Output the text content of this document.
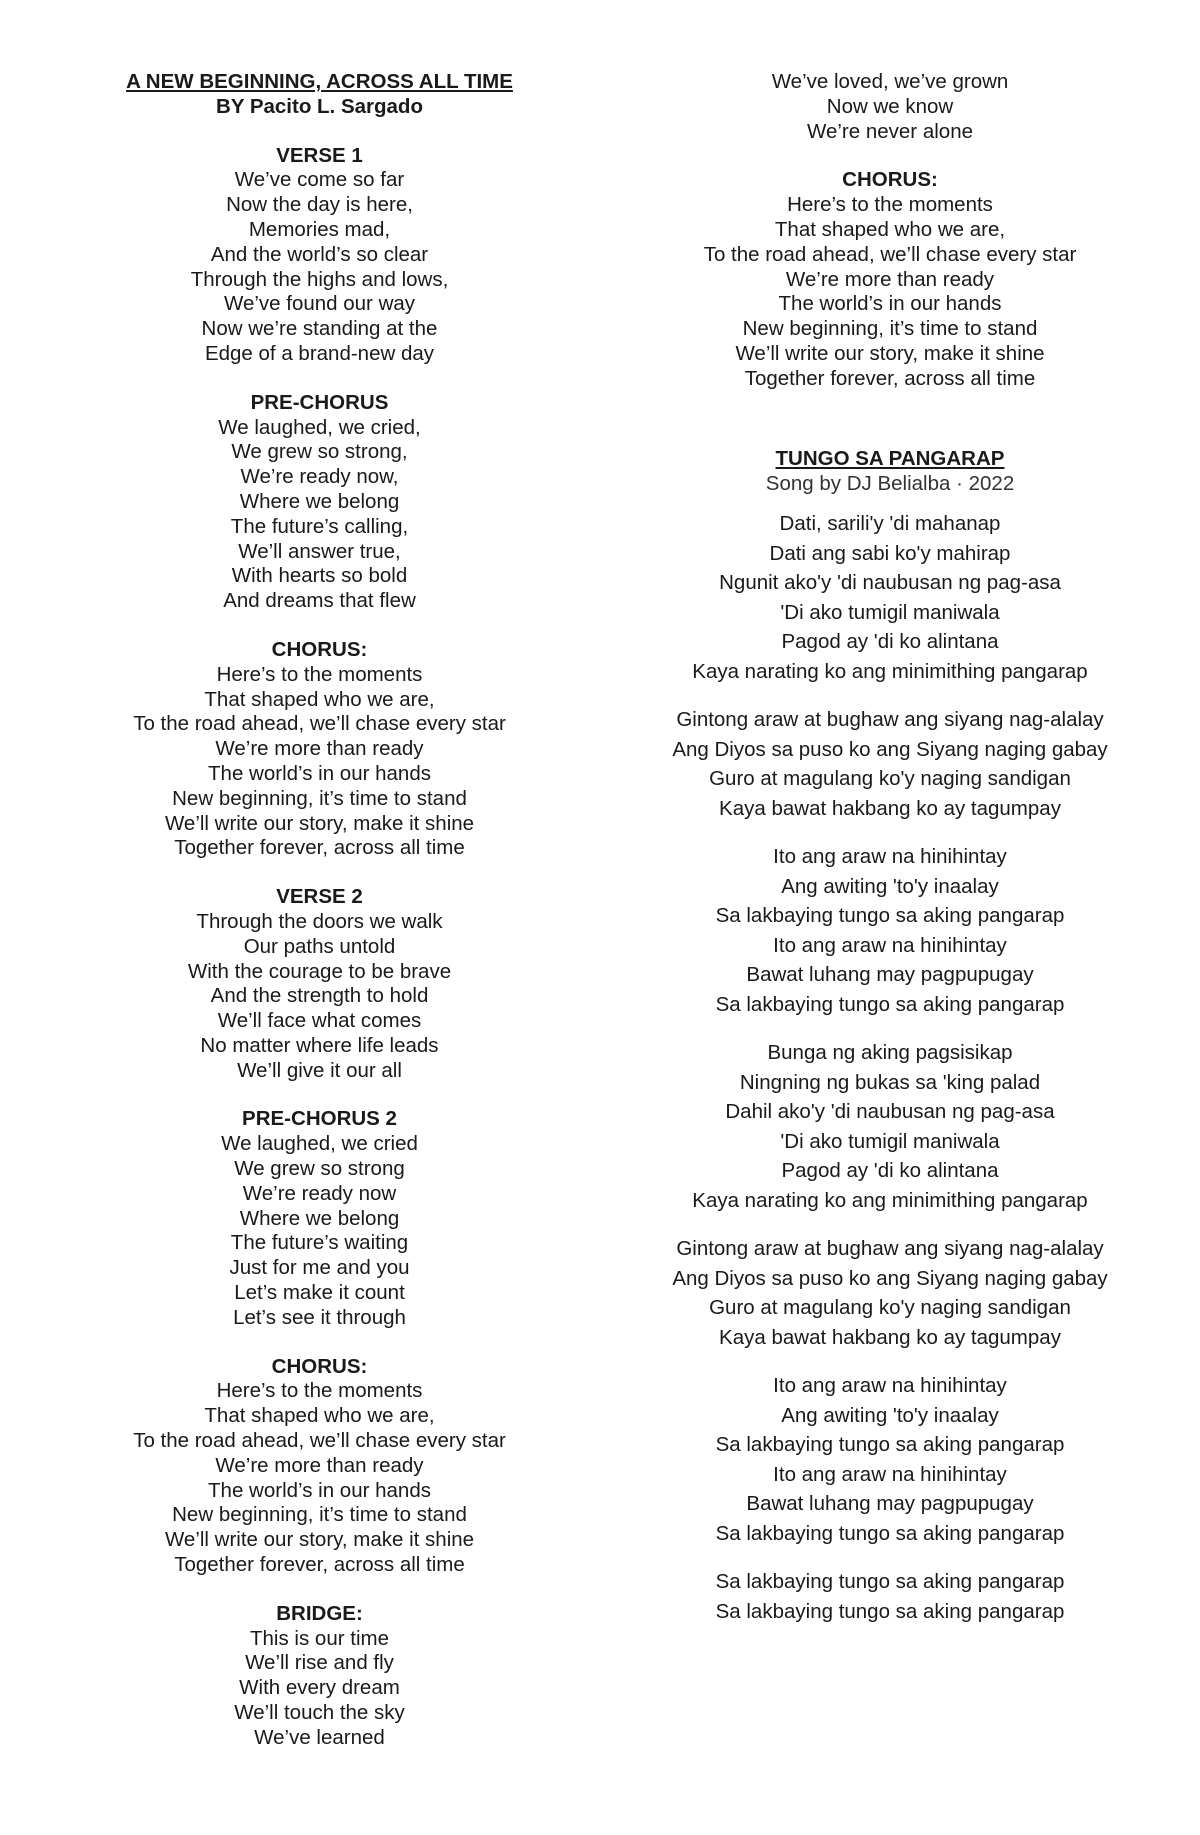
A NEW BEGINNING, ACROSS ALL TIME
BY Pacito L. Sargado
VERSE 1
We’ve come so far
Now the day is here,
Memories mad,
And the world’s so clear
Through the highs and lows,
We’ve found our way
Now we’re standing at the
Edge of a brand-new day
PRE-CHORUS
We laughed, we cried,
We grew so strong,
We’re ready now,
Where we belong
The future’s calling,
We’ll answer true,
With hearts so bold
And dreams that flew
CHORUS:
Here’s to the moments
That shaped who we are,
To the road ahead, we’ll chase every star
We’re more than ready
The world’s in our hands
New beginning, it’s time to stand
We’ll write our story, make it shine
Together forever, across all time
VERSE 2
Through the doors we walk
Our paths untold
With the courage to be brave
And the strength to hold
We’ll face what comes
No matter where life leads
We’ll give it our all
PRE-CHORUS 2
We laughed, we cried
We grew so strong
We’re ready now
Where we belong
The future’s waiting
Just for me and you
Let’s make it count
Let’s see it through
CHORUS:
Here’s to the moments
That shaped who we are,
To the road ahead, we’ll chase every star
We’re more than ready
The world’s in our hands
New beginning, it’s time to stand
We’ll write our story, make it shine
Together forever, across all time
BRIDGE:
This is our time
We’ll rise and fly
With every dream
We’ll touch the sky
We’ve learned
We’ve loved, we’ve grown
Now we know
We’re never alone
CHORUS:
Here’s to the moments
That shaped who we are,
To the road ahead, we’ll chase every star
We’re more than ready
The world’s in our hands
New beginning, it’s time to stand
We’ll write our story, make it shine
Together forever, across all time
TUNGO SA PANGARAP
Song by DJ Belialba · 2022
Dati, sarili'y 'di mahanap
Dati ang sabi ko'y mahirap
Ngunit ako'y 'di naubusan ng pag-asa
'Di ako tumigil maniwala
Pagod ay 'di ko alintana
Kaya narating ko ang minimithing pangarap
Gintong araw at bughaw ang siyang nag-alalay
Ang Diyos sa puso ko ang Siyang naging gabay
Guro at magulang ko'y naging sandigan
Kaya bawat hakbang ko ay tagumpay
Ito ang araw na hinihintay
Ang awiting 'to'y inaalay
Sa lakbaying tungo sa aking pangarap
Ito ang araw na hinihintay
Bawat luhang may pagpupugay
Sa lakbaying tungo sa aking pangarap
Bunga ng aking pagsisikap
Ningning ng bukas sa 'king palad
Dahil ako'y 'di naubusan ng pag-asa
'Di ako tumigil maniwala
Pagod ay 'di ko alintana
Kaya narating ko ang minimithing pangarap
Gintong araw at bughaw ang siyang nag-alalay
Ang Diyos sa puso ko ang Siyang naging gabay
Guro at magulang ko'y naging sandigan
Kaya bawat hakbang ko ay tagumpay
Ito ang araw na hinihintay
Ang awiting 'to'y inaalay
Sa lakbaying tungo sa aking pangarap
Ito ang araw na hinihintay
Bawat luhang may pagpupugay
Sa lakbaying tungo sa aking pangarap
Sa lakbaying tungo sa aking pangarap
Sa lakbaying tungo sa aking pangarap
